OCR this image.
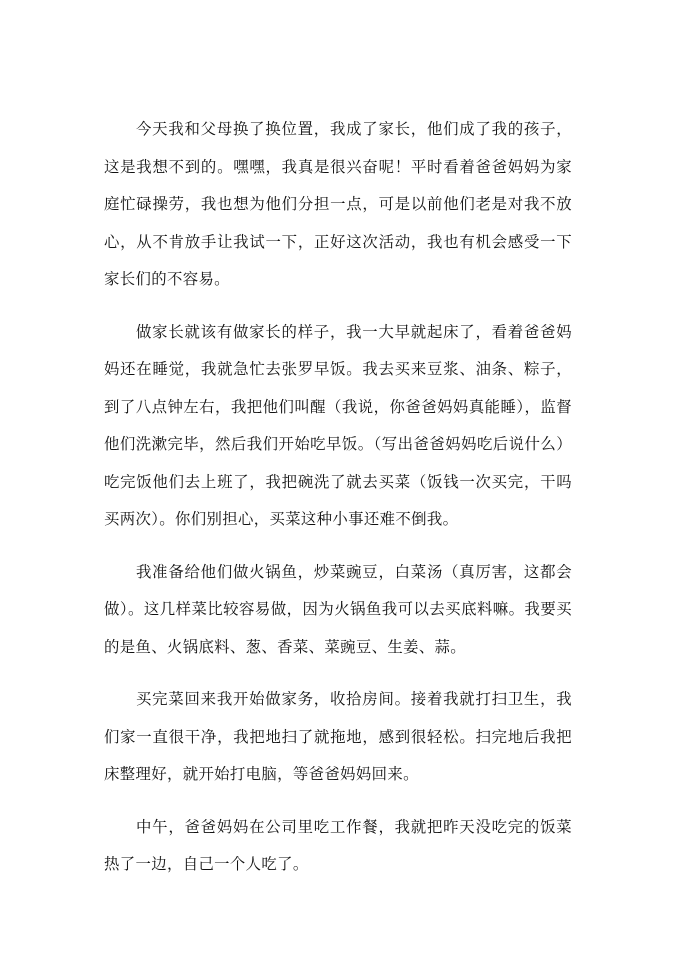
今天我和父母换了换位置，我成了家长，他们成了我的孩子，这是我想不到的。嘿嘿，我真是很兴奋呢！平时看着爸爸妈妈为家庭忙碌操劳，我也想为他们分担一点，可是以前他们老是对我不放心，从不肯放手让我试一下，正好这次活动，我也有机会感受一下家长们的不容易。

做家长就该有做家长的样子，我一大早就起床了，看着爸爸妈妈还在睡觉，我就急忙去张罗早饭。我去买来豆浆、油条、粽子，到了八点钟左右，我把他们叫醒（我说，你爸爸妈妈真能睡），监督他们洗漱完毕，然后我们开始吃早饭。（写出爸爸妈妈吃后说什么）吃完饭他们去上班了，我把碗洗了就去买菜（饭钱一次买完，干吗买两次）。你们别担心，买菜这种小事还难不倒我。

我准备给他们做火锅鱼，炒菜豌豆，白菜汤（真厉害，这都会做）。这几样菜比较容易做，因为火锅鱼我可以去买底料嘛。我要买的是鱼、火锅底料、葱、香菜、菜豌豆、生姜、蒜。

买完菜回来我开始做家务，收拾房间。接着我就打扫卫生，我们家一直很干净，我把地扫了就拖地，感到很轻松。扫完地后我把床整理好，就开始打电脑，等爸爸妈妈回来。

中午，爸爸妈妈在公司里吃工作餐，我就把昨天没吃完的饭菜热了一边，自己一个人吃了。
